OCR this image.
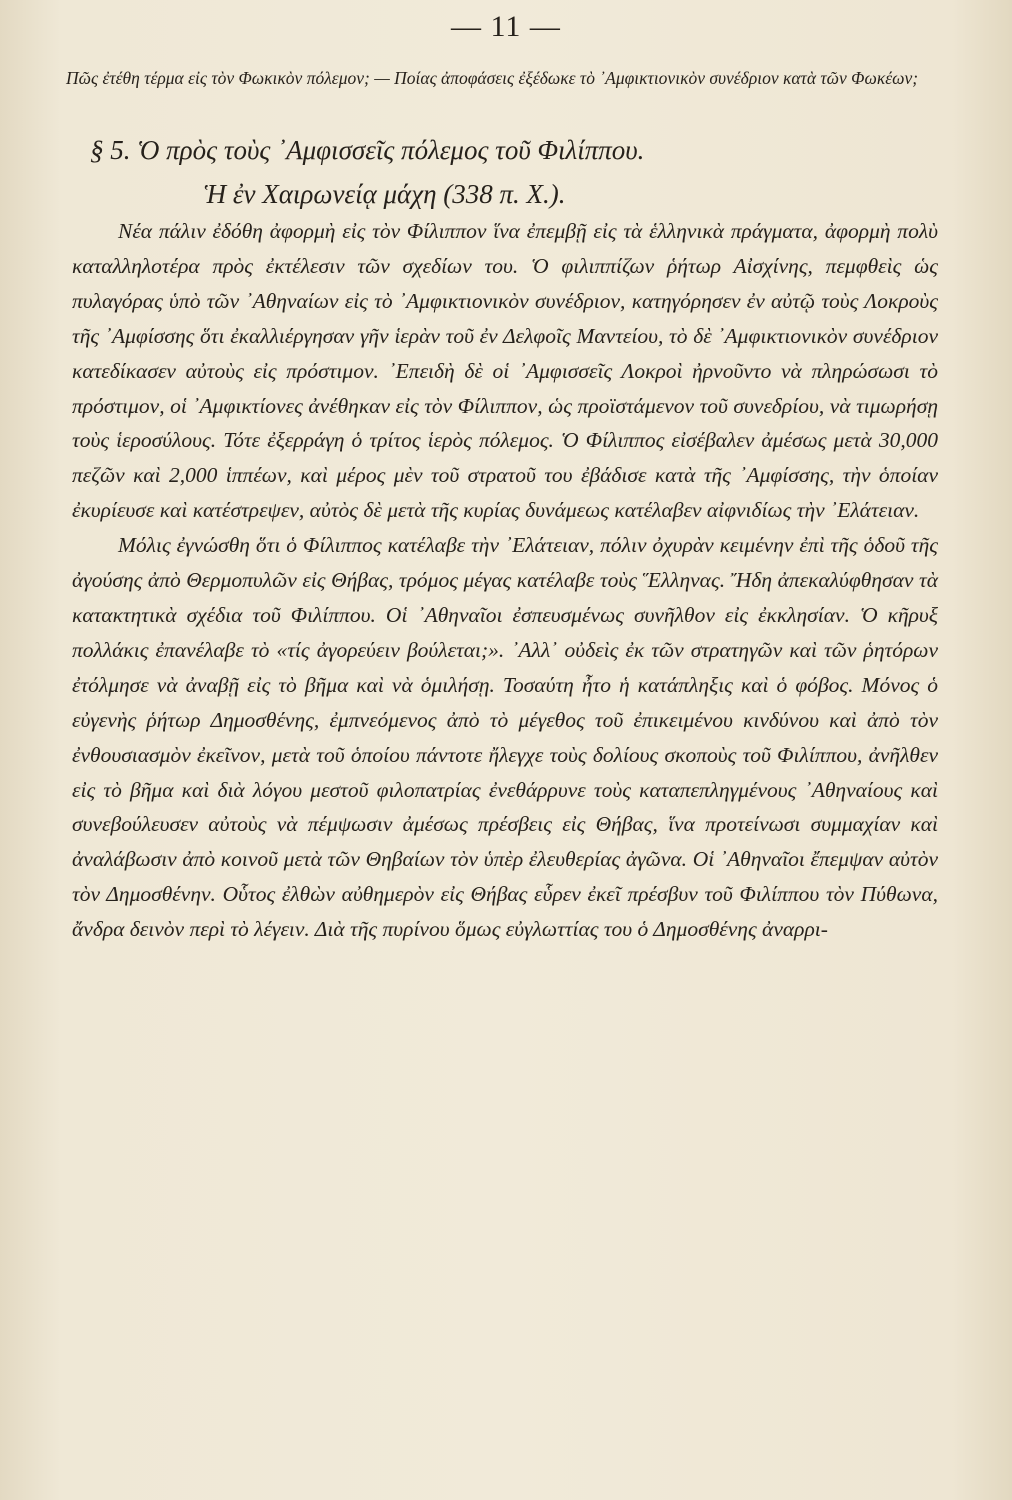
— 11 —
Πῶς ἐτέθη τέρμα εἰς τὸν Φωκικὸν πόλεμον; — Ποίας ἀποφάσεις ἐξέδωκε τὸ ᾿Αμφικτιονικὸν συνέδριον κατὰ τῶν Φωκέων;
§ 5. Ὁ πρὸς τοὺς ᾿Αμφισσεῖς πόλεμος τοῦ Φιλίππου.
Ἡ ἐν Χαιρωνείᾳ μάχη (338 π. Χ.).

Νέα πάλιν ἐδόθη ἀφορμὴ εἰς τὸν Φίλιππον ἵνα ἐπεμβῇ εἰς τὰ ἑλληνικὰ πράγματα, ἀφορμὴ πολὺ καταλληλοτέρα πρὸς ἐκτέλεσιν τῶν σχεδίων του. Ὁ φιλιππίζων ῥήτωρ Αἰσχίνης, πεμφθεὶς ὡς πυλαγόρας ὑπὸ τῶν ᾿Αθηναίων εἰς τὸ ᾿Αμφικτιονικὸν συνέδριον, κατηγόρησεν ἐν αὐτῷ τοὺς Λοκροὺς τῆς ᾿Αμφίσσης ὅτι ἐκαλλιέργησαν γῆν ἱερὰν τοῦ ἐν Δελφοῖς Μαντείου, τὸ δὲ ᾿Αμφικτιονικὸν συνέδριον κατεδίκασεν αὐτοὺς εἰς πρόστιμον. ᾿Επειδὴ δὲ οἱ ᾿Αμφισσεῖς Λοκροὶ ἠρνοῦντο νὰ πληρώσωσι τὸ πρόστιμον, οἱ ᾿Αμφικτίονες ἀνέθηκαν εἰς τὸν Φίλιππον, ὡς προϊστάμενον τοῦ συνεδρίου, νὰ τιμωρήσῃ τοὺς ἱεροσύλους. Τότε ἐξερράγη ὁ τρίτος ἱερὸς πόλεμος. Ὁ Φίλιππος εἰσέβαλεν ἀμέσως μετὰ 30,000 πεζῶν καὶ 2,000 ἱππέων, καὶ μέρος μὲν τοῦ στρατοῦ του ἐβάδισε κατὰ τῆς ᾿Αμφίσσης, τὴν ὁποίαν ἐκυρίευσε καὶ κατέστρεψεν, αὐτὸς δὲ μετὰ τῆς κυρίας δυνάμεως κατέλαβεν αἰφνιδίως τὴν ᾿Ελάτειαν.

Μόλις ἐγνώσθη ὅτι ὁ Φίλιππος κατέλαβε τὴν ᾿Ελάτειαν, πόλιν ὀχυρὰν κειμένην ἐπὶ τῆς ὁδοῦ τῆς ἀγούσης ἀπὸ Θερμοπυλῶν εἰς Θήβας, τρόμος μέγας κατέλαβε τοὺς Ἕλληνας. Ἤδη ἀπεκαλύφθησαν τὰ κατακτητικὰ σχέδια τοῦ Φιλίππου. Οἱ ᾿Αθηναῖοι ἐσπευσμένως συνῆλθον εἰς ἐκκλησίαν. Ὁ κῆρυξ πολλάκις ἐπανέλαβε τὸ «τίς ἀγορεύειν βούλεται;». ᾿Αλλ᾿ οὐδεὶς ἐκ τῶν στρατηγῶν καὶ τῶν ῥητόρων ἐτόλμησε νὰ ἀναβῇ εἰς τὸ βῆμα καὶ νὰ ὁμιλήσῃ. Τοσαύτη ἦτο ἡ κατάπληξις καὶ ὁ φόβος. Μόνος ὁ εὐγενὴς ῥήτωρ Δημοσθένης, ἐμπνεόμενος ἀπὸ τὸ μέγεθος τοῦ ἐπικειμένου κινδύνου καὶ ἀπὸ τὸν ἐνθουσιασμὸν ἐκεῖνον, μετὰ τοῦ ὁποίου πάντοτε ἤλεγχε τοὺς δολίους σκοποὺς τοῦ Φιλίππου, ἀνῆλθεν εἰς τὸ βῆμα καὶ διὰ λόγου μεστοῦ φιλοπατρίας ἐνεθάρρυνε τοὺς καταπεπληγμένους ᾿Αθηναίους καὶ συνεβούλευσεν αὐτοὺς νὰ πέμψωσιν ἀμέσως πρέσβεις εἰς Θήβας, ἵνα προτείνωσι συμμαχίαν καὶ ἀναλάβωσιν ἀπὸ κοινοῦ μετὰ τῶν Θηβαίων τὸν ὑπὲρ ἐλευθερίας ἀγῶνα. Οἱ ᾿Αθηναῖοι ἔπεμψαν αὐτὸν τὸν Δημοσθένην. Οὗτος ἐλθὼν αὐθημερὸν εἰς Θήβας εὗρεν ἐκεῖ πρέσβυν τοῦ Φιλίππου τὸν Πύθωνα, ἄνδρα δεινὸν περὶ τὸ λέγειν. Διὰ τῆς πυρίνου ὅμως εὐγλωττίας του ὁ Δημοσθένης ἀναρρι-
